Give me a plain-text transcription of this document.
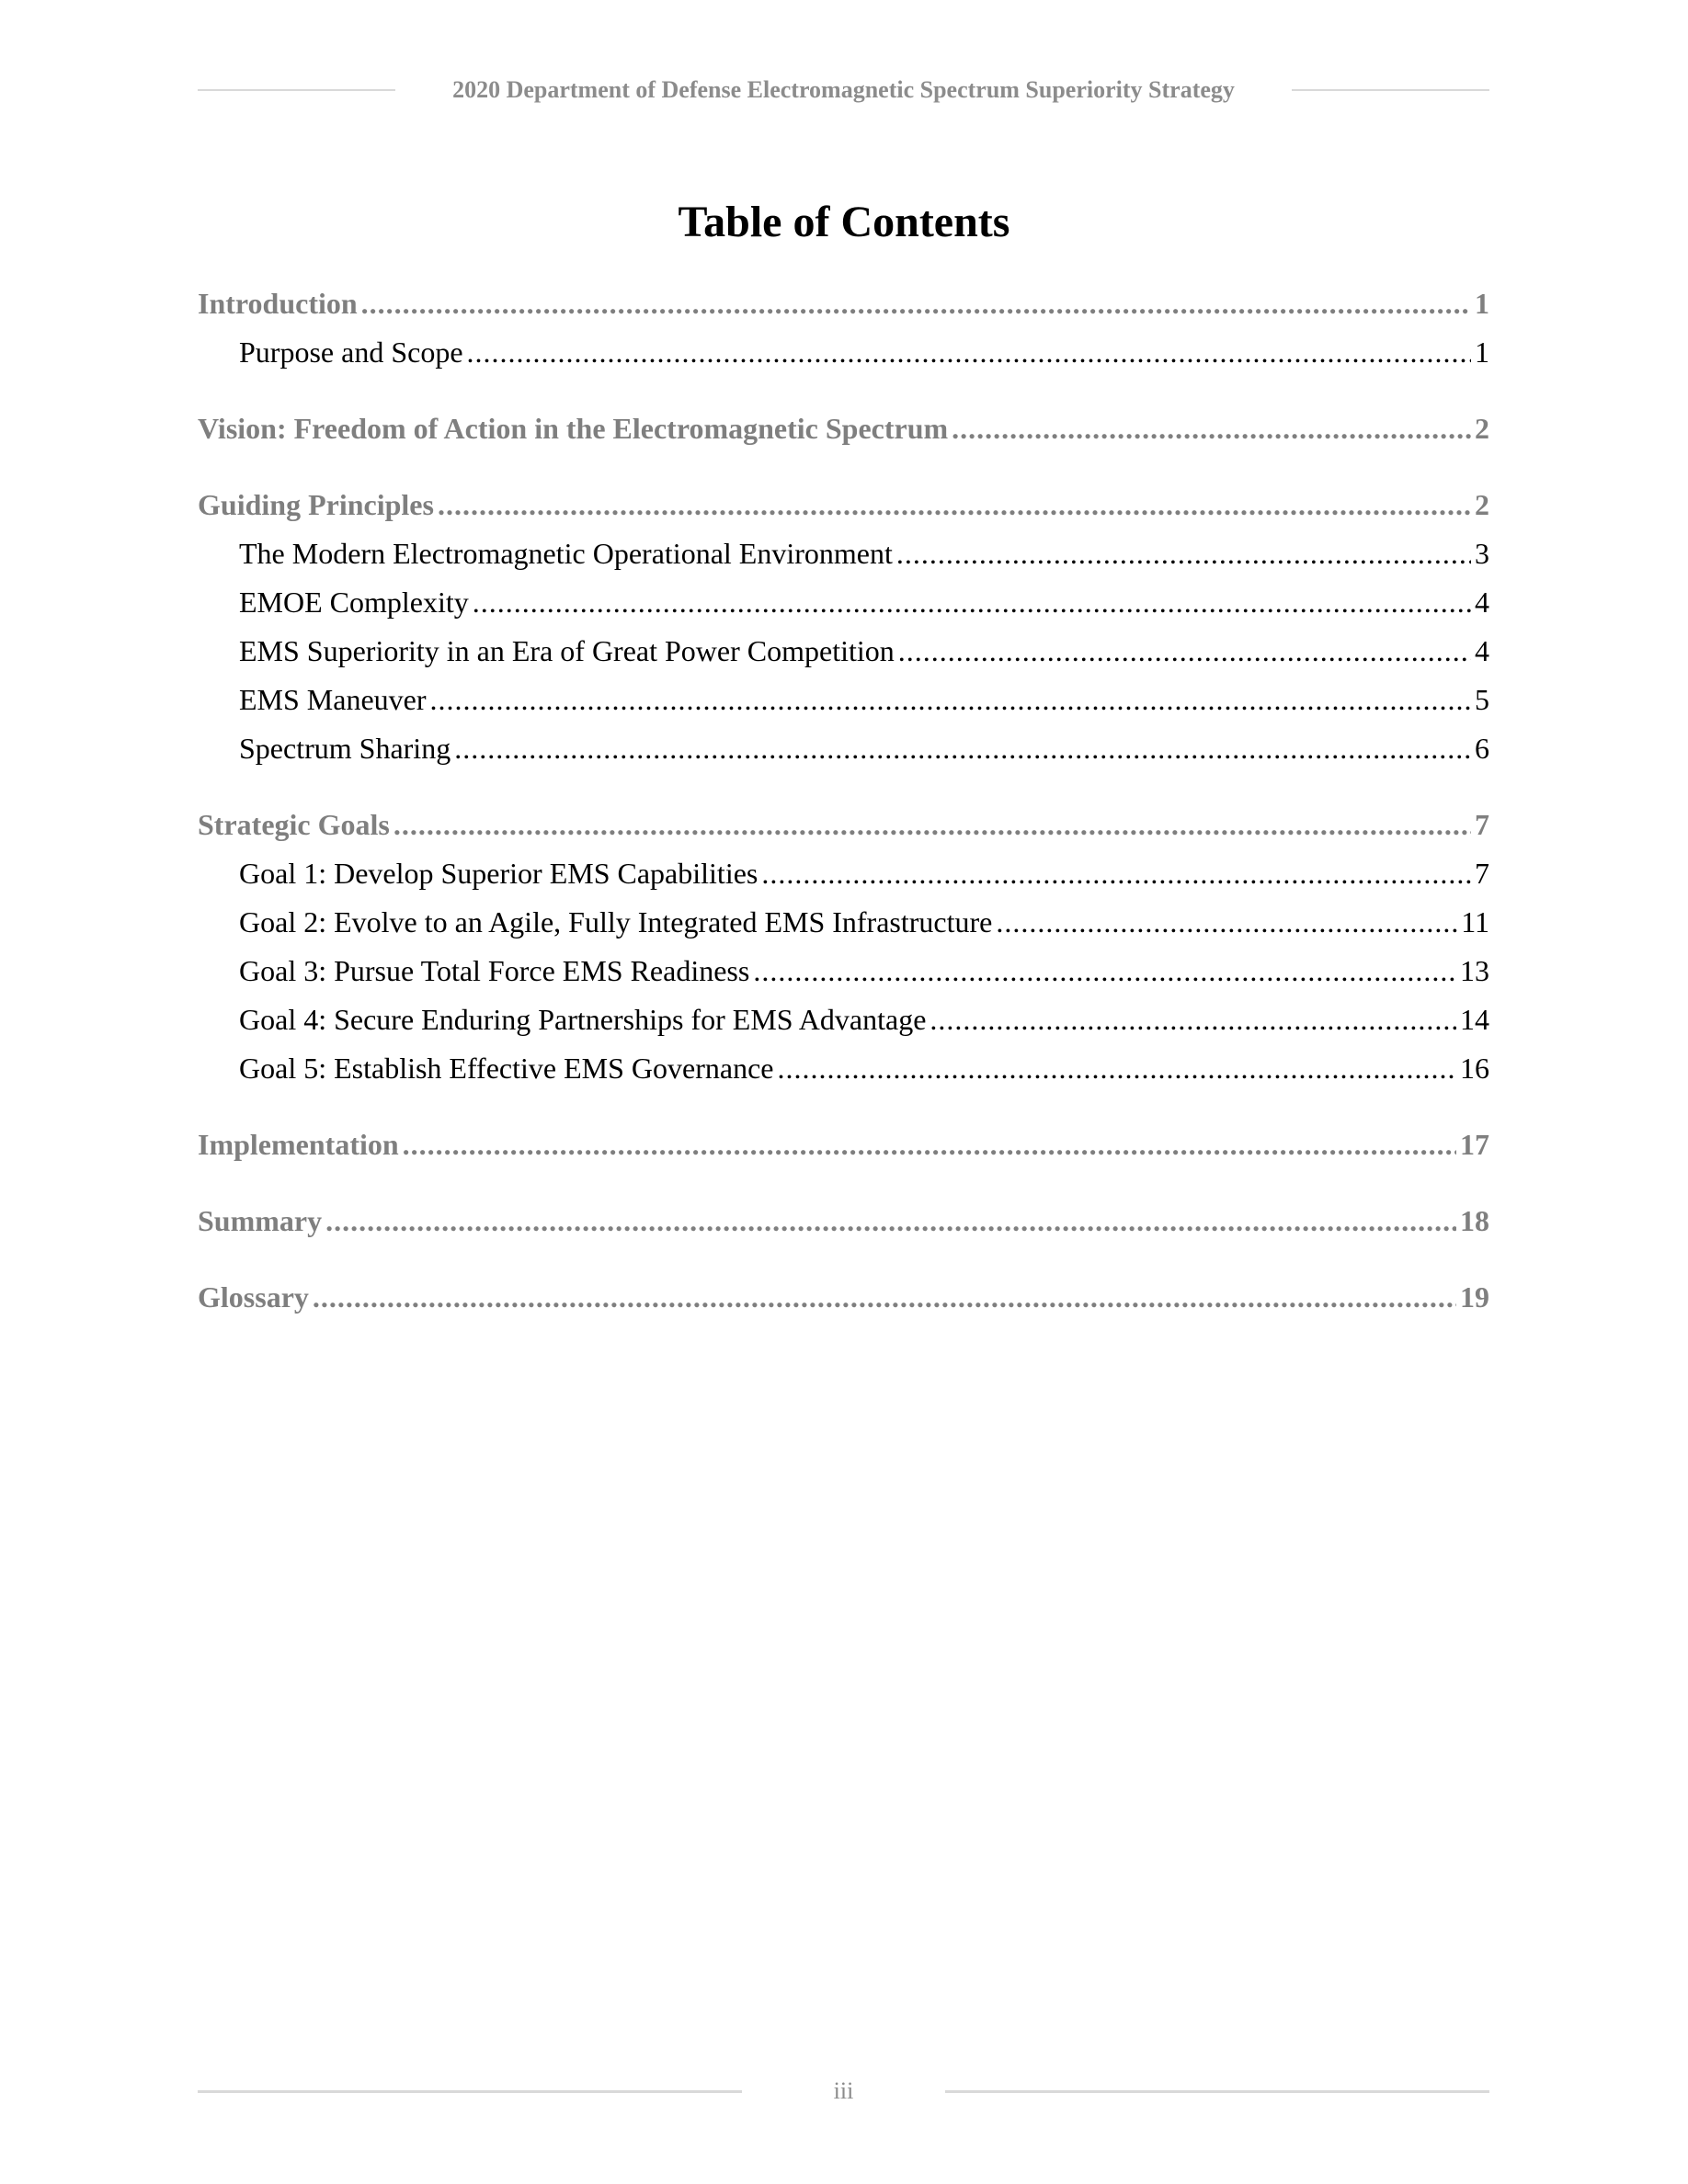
2020 Department of Defense Electromagnetic Spectrum Superiority Strategy
Table of Contents
Introduction .....	1
Purpose and Scope .....	1
Vision: Freedom of Action in the Electromagnetic Spectrum .....	2
Guiding Principles .....	2
The Modern Electromagnetic Operational Environment .....	3
EMOE Complexity .....	4
EMS Superiority in an Era of Great Power Competition .....	4
EMS Maneuver .....	5
Spectrum Sharing .....	6
Strategic Goals .....	7
Goal 1: Develop Superior EMS Capabilities .....	7
Goal 2: Evolve to an Agile, Fully Integrated EMS Infrastructure .....	11
Goal 3: Pursue Total Force EMS Readiness .....	13
Goal 4: Secure Enduring Partnerships for EMS Advantage .....	14
Goal 5: Establish Effective EMS Governance .....	16
Implementation .....	17
Summary .....	18
Glossary .....	19
iii
